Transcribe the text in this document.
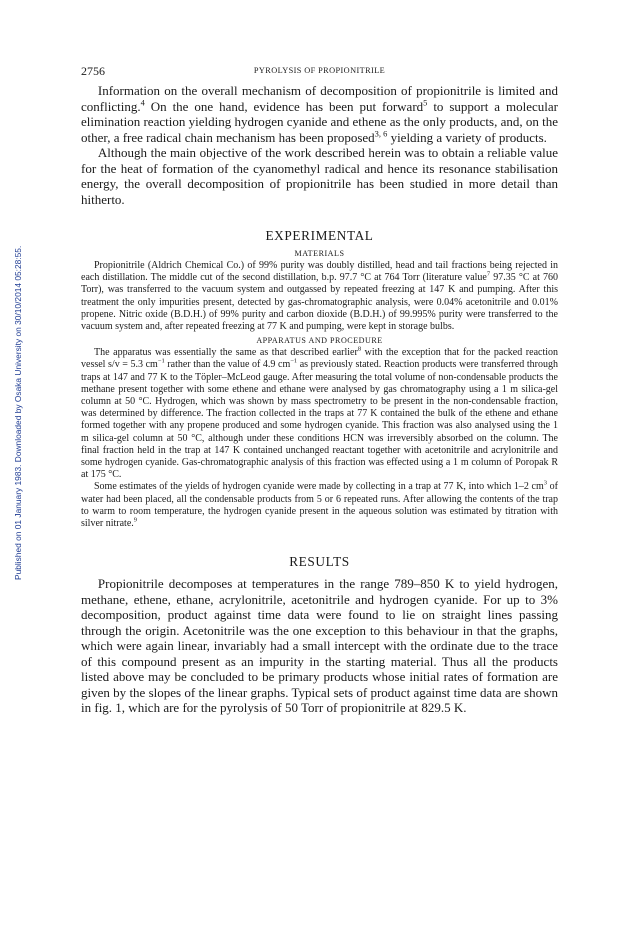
Published on 01 January 1983. Downloaded by Osaka University on 30/10/2014 05:28:55.
2756	PYROLYSIS OF PROPIONITRILE

Information on the overall mechanism of decomposition of propionitrile is limited and conflicting.$^4$ On the one hand, evidence has been put forward$^5$ to support a molecular elimination reaction yielding hydrogen cyanide and ethene as the only products, and, on the other, a free radical chain mechanism has been proposed$^{3, 6}$ yielding a variety of products.

Although the main objective of the work described herein was to obtain a reliable value for the heat of formation of the cyanomethyl radical and hence its resonance stabilisation energy, the overall decomposition of propionitrile has been studied in more detail than hitherto.

EXPERIMENTAL
MATERIALS

Propionitrile (Aldrich Chemical Co.) of 99% purity was doubly distilled, head and tail fractions being rejected in each distillation. The middle cut of the second distillation, b.p. 97.7 °C at 764 Torr (literature value$^7$ 97.35 °C at 760 Torr), was transferred to the vacuum system and outgassed by repeated freezing at 147 K and pumping. After this treatment the only impurities present, detected by gas-chromatographic analysis, were 0.04% acetonitrile and 0.01% propene. Nitric oxide (B.D.H.) of 99% purity and carbon dioxide (B.D.H.) of 99.995% purity were transferred to the vacuum system and, after repeated freezing at 77 K and pumping, were kept in storage bulbs.

APPARATUS AND PROCEDURE

The apparatus was essentially the same as that described earlier$^8$ with the exception that for the packed reaction vessel s/v = 5.3 $cm^{-1}$ rather than the value of 4.9 $cm^{-1}$ as previously stated. Reaction products were transferred through traps at 147 and 77 K to the Töpler–McLeod gauge. After measuring the total volume of non-condensable products the methane present together with some ethene and ethane were analysed by gas chromatography using a 1 m silica-gel column at 50 °C. Hydrogen, which was shown by mass spectrometry to be present in the non-condensable fraction, was determined by difference. The fraction collected in the traps at 77 K contained the bulk of the ethene and ethane formed together with any propene produced and some hydrogen cyanide. This fraction was also analysed using the 1 m silica-gel column at 50 °C, although under these conditions HCN was irreversibly absorbed on the column. The final fraction held in the trap at 147 K contained unchanged reactant together with acetonitrile and acrylonitrile and some hydrogen cyanide. Gas-chromatographic analysis of this fraction was effected using a 1 m column of Poropak R at 175 °C.

Some estimates of the yields of hydrogen cyanide were made by collecting in a trap at 77 K, into which 1–2 $cm^3$ of water had been placed, all the condensable products from 5 or 6 repeated runs. After allowing the contents of the trap to warm to room temperature, the hydrogen cyanide present in the aqueous solution was estimated by titration with silver nitrate.$^9$

RESULTS

Propionitrile decomposes at temperatures in the range 789–850 K to yield hydrogen, methane, ethene, ethane, acrylonitrile, acetonitrile and hydrogen cyanide. For up to 3% decomposition, product against time data were found to lie on straight lines passing through the origin. Acetonitrile was the one exception to this behaviour in that the graphs, which were again linear, invariably had a small intercept with the ordinate due to the trace of this compound present as an impurity in the starting material. Thus all the products listed above may be concluded to be primary products whose initial rates of formation are given by the slopes of the linear graphs. Typical sets of product against time data are shown in fig. 1, which are for the pyrolysis of 50 Torr of propionitrile at 829.5 K.
